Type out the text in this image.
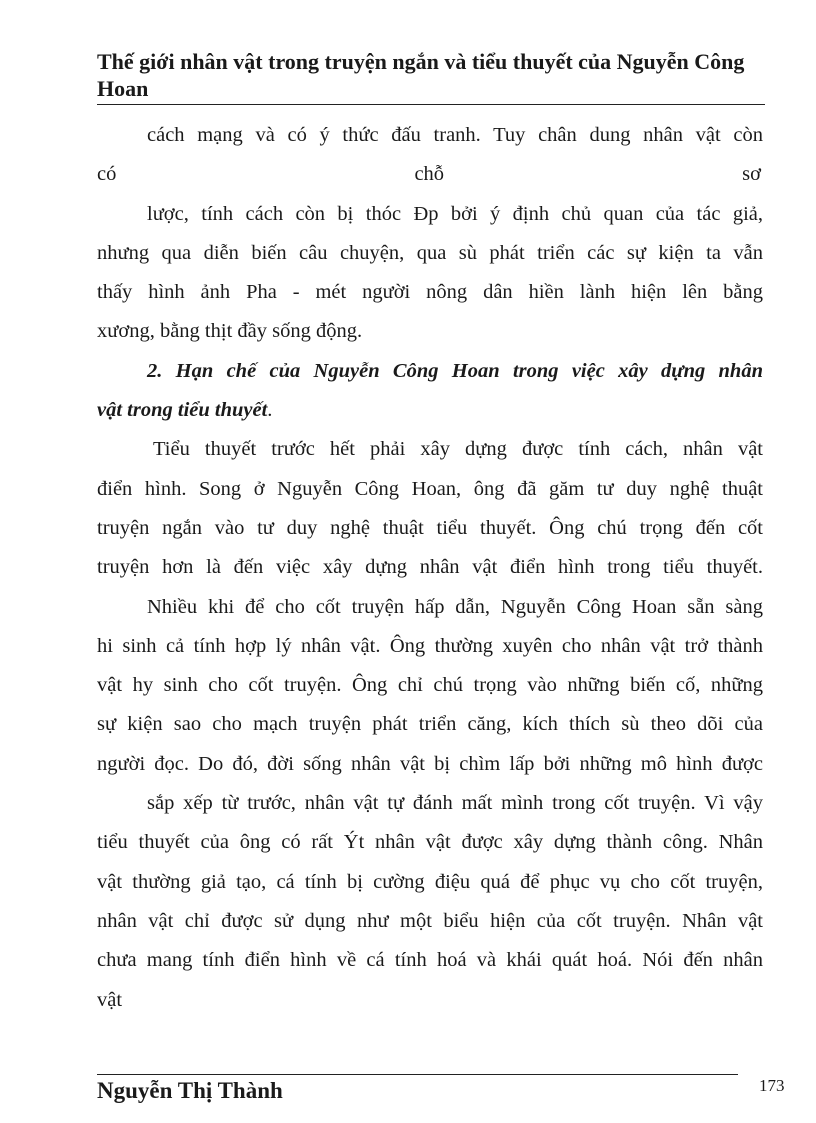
Thế giới nhân vật trong truyện ngắn và tiểu thuyết của Nguyễn Công Hoan
cách mạng và có ý thức đấu tranh. Tuy chân dung nhân vật còn
có	chỗ	sơ
lược, tính cách còn bị thóc Đp bởi ý định chủ quan của tác giả,
nhưng qua diễn biến câu chuyện, qua sù phát triển các sự kiện ta vẫn
thấy hình ảnh Pha - mét người nông dân hiền lành hiện lên bằng
xương, bằng thịt đầy sống động.
2. Hạn chế của Nguyễn Công Hoan trong việc xây dựng nhân
vật trong tiểu thuyết.
Tiểu thuyết trước hết phải xây dựng được tính cách, nhân vật
điển hình. Song ở Nguyễn Công Hoan, ông đã găm tư duy nghệ thuật
truyện ngắn vào tư duy nghệ thuật tiểu thuyết. Ông chú trọng đến cốt
truyện hơn là đến việc xây dựng nhân vật điển hình trong tiểu thuyết.
Nhiều khi để cho cốt truyện hấp dẫn, Nguyễn Công Hoan sẵn sàng
hi sinh cả tính hợp lý nhân vật. Ông thường xuyên cho nhân vật trở thành
vật hy sinh cho cốt truyện. Ông chỉ chú trọng vào những biến cố, những
sự kiện sao cho mạch truyện phát triển căng, kích thích sù theo dõi của
người đọc. Do đó, đời sống nhân vật bị chìm lấp bởi những mô hình được
sắp xếp từ trước, nhân vật tự đánh mất mình trong cốt truyện. Vì vậy
tiểu thuyết của ông có rất Ýt nhân vật được xây dựng thành công. Nhân
vật thường giả tạo, cá tính bị cường điệu quá để phục vụ cho cốt truyện,
nhân vật chỉ được sử dụng như một biểu hiện của cốt truyện. Nhân vật
chưa mang tính điển hình về cá tính hoá và khái quát hoá. Nói đến nhân
vật
Nguyễn Thị Thành	173
